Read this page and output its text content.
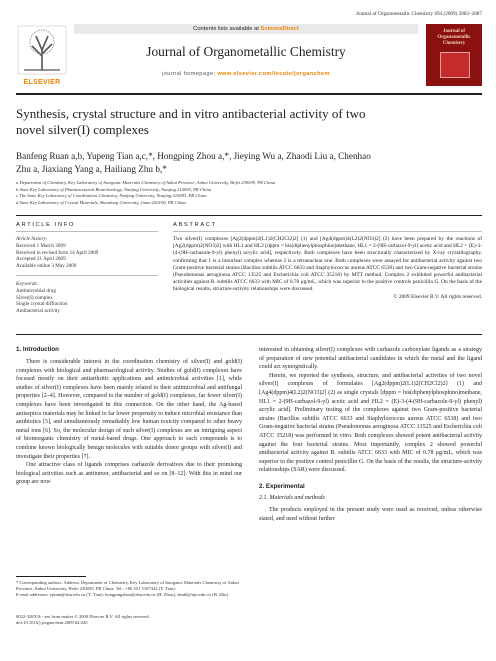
Journal of Organometallic Chemistry 694 (2009) 2883–2887
ELSEVIER
Contents lists available at ScienceDirect
Journal of Organometallic Chemistry
journal homepage: www.elsevier.com/locate/jorganchem
Journal of Organometallic Chemistry
Synthesis, crystal structure and in vitro antibacterial activity of two novel silver(I) complexes
Banfeng Ruan a,b, Yupeng Tian a,c,*, Hongping Zhou a,*, Jieying Wu a, Zhaodi Liu a, Chenhao Zhu a, Jiaxiang Yang a, Hailiang Zhu b,*
a Department of Chemistry, Key Laboratory of Inorganic Materials Chemistry of Anhui Province, Anhui University, Hefei 230039, PR China
b State Key Laboratory of Pharmaceutical Biotechnology, Nanjing University, Nanjing 210093, PR China
c The State Key Laboratory of Coordination Chemistry, Nanjing University, Nanjing 210093, PR China
d State Key Laboratory of Crystal Materials, Shandong University, Jinan 250100, PR China
ARTICLE INFO	ABSTRACT
Article history:
Received 1 March 2009
Received in revised form 14 April 2009
Accepted 21 April 2009
Available online 3 May 2009
Keywords:
Antimicrobial drug
Silver(I) complex
Single crystal diffraction
Antibacterial activity
Two silver(I) complexes [Ag2(dppm)2(L1)2(CH2Cl2)2] (1) and [Ag4(dppm)4(L2)2(NO3)2] (2) have been prepared by the reactions of [Ag2(dppm)2(NO3)2] with HL1 and HL2 [dppm = bis(diphenylphosphino)methane, HL1 = 2-(9H-carbazol-9-yl) acetic acid and HL2 = (E)-3-(4-(9H-carbazole-9-yl) phenyl) acrylic acid], respectively. Both complexes have been structurally characterized by X-ray crystallography, confirming that 1 is a binuclear complex whereas 2 is a tetranuclear one. Both complexes were assayed for antibacterial activity against two Gram-positive bacterial strains (Bacillus subtilis ATCC 6633 and Staphylococcus aureus ATCC 6538) and two Gram-negative bacterial strains (Pseudomonas aeruginosa ATCC 13525 and Escherichia coli ATCC 35218) by MTT method. Complex 2 exhibited powerful antibacterial activities against B. subtilis ATCC 6633 with MIC of 0.78 μg/mL, which was superior to the positive controls penicillin G. On the basis of the biological results, structure-activity relationships were discussed.
© 2009 Elsevier B.V. All rights reserved.
1. Introduction

There is considerable interest in the coordination chemistry of silver(I) and gold(I) complexes with biological and pharmacological activity. Studies of gold(I) complexes have focused mostly on their antiarthritic applications and antimicrobial activities [1], while studies of silver(I) complexes have been mainly related to their antimicrobial and antifungal properties [2–4]. However, compared to the number of gold(I) complexes, far fewer silver(I) complexes have been investigated in this connection. On the other hand, the Ag-based antiseptics materials may be linked to far lower propensity to induce microbial resistance than antibiotics [5], and simultaneously remarkably low human toxicity compared to other heavy metal ions [6]. So, the molecular design of such silver(I) complexes are an intriguing aspect of bioinorganic chemistry of metal-based drugs. One approach to such compounds is to combine known biologically benign molecules with suitable donor groups with silver(I) and investigate their properties [7].

One attractive class of ligands comprises carbazole derivatives due to their promising biological activities such as antitumor, antibacterial and so on [8–12]. With this in mind our group are now

interested in obtaining silver(I) complexes with carbazole carboxylate ligands as a strategy of preparation of new potential antibacterial candidates in which the metal and the ligand could act synergistically.

Herein, we reported the synthesis, structure, and antibacterial activities of two novel silver(I) complexes of formulates [Ag2(dppm)2(L1)2(CH2Cl2)2] (1) and [Ag4(dppm)4(L2)2(NO3)2] (2) as single crystals [dppm = bis(diphenylphosphino)methane, HL1 = 2-(9H-carbazol-9-yl) acetic acid and HL2 = (E)-3-(4-(9H-carbazole-9-yl) phenyl) acrylic acid]. Preliminary testing of the complexes against two Gram-positive bacterial strains (Bacillus subtilis ATCC 6633 and Staphylococcus aureus ATCC 6538) and two Gram-negative bacterial strains (Pseudomonas aeruginosa ATCC 13525 and Escherichia coli ATCC 35218) was performed in vitro. Both complexes showed potent antibacterial activity against the four bacterial strains. Most importantly, complex 2 showed powerful antibacterial activity against B. subtilis ATCC 6633 with MIC of 0.78 μg/mL, which was superior to the positive control penicillin G. On the basis of the results, the structure-activity relationships (SAR) were discussed.

2. Experimental
2.1. Materials and methods

The products employed in the present study were used as received, unless otherwise stated, and used without further

* Corresponding authors. Address: Department of Chemistry, Key Laboratory of Inorganic Materials Chemistry of Anhui Province, Anhui University, Hefei 230039, PR China. Tel.: +86 551 5107342 (Y. Tian).
E-mail addresses: yptian@ahu.edu.cn (Y. Tian), hongpingzhou@ahu.edu.cn (H. Zhou), zhuhl@nju.edu.cn (H. Zhu).
0022-328X/$ - see front matter © 2009 Elsevier B.V. All rights reserved.
doi:10.1016/j.jorganchem.2009.04.020
